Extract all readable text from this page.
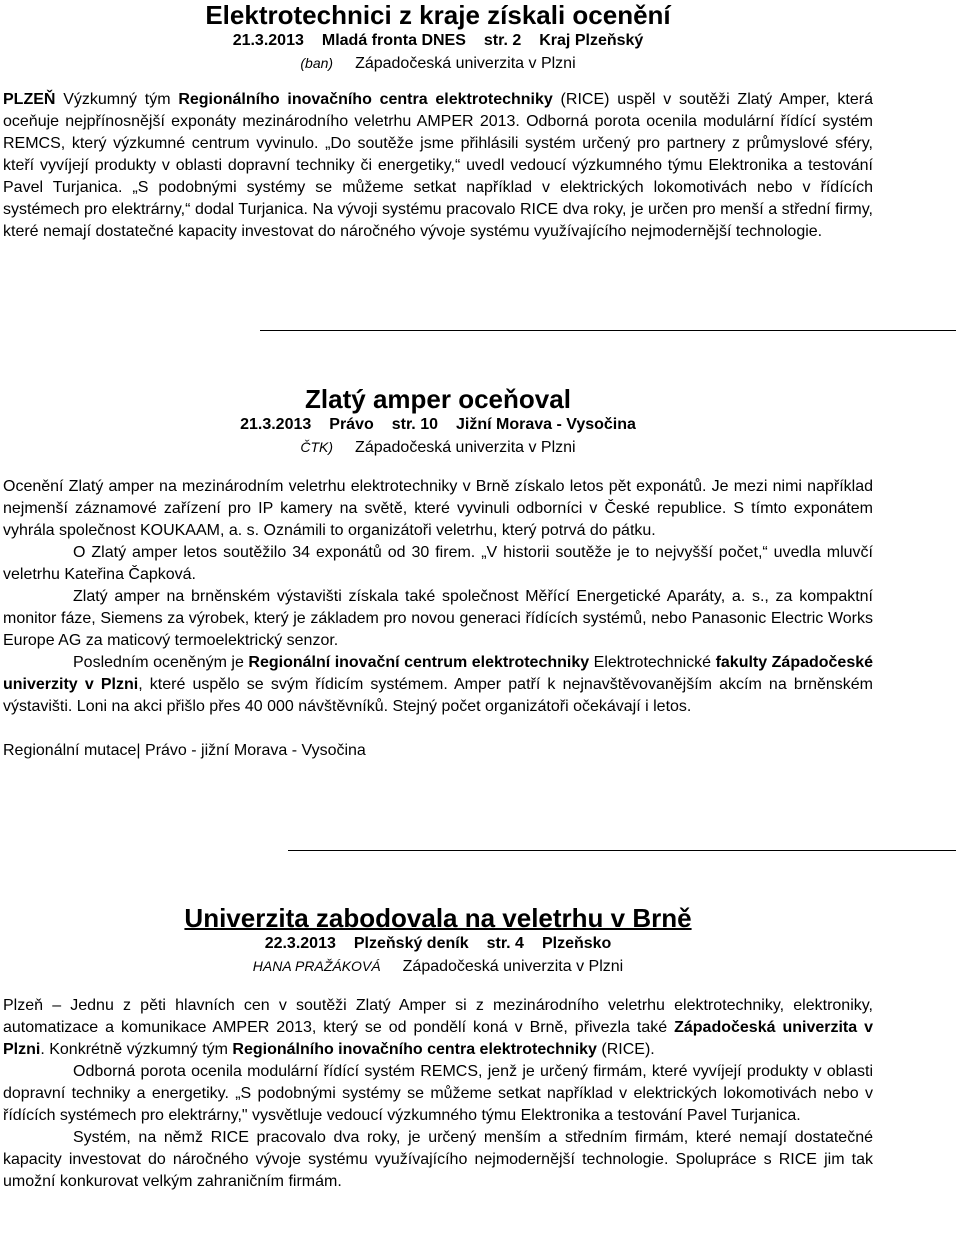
Elektrotechnici z kraje získali ocenění
21.3.2013 Mladá fronta DNES str. 2 Kraj Plzeňský
(ban) Západočeská univerzita v Plzni

PLZEŇ Výzkumný tým Regionálního inovačního centra elektrotechniky (RICE) uspěl v soutěži Zlatý Amper, která oceňuje nejpřínosnější exponáty mezinárodního veletrhu AMPER 2013. Odborná porota ocenila modulární řídící systém REMCS, který výzkumné centrum vyvinulo. „Do soutěže jsme přihlásili systém určený pro partnery z průmyslové sféry, kteří vyvíjejí produkty v oblasti dopravní techniky či energetiky,“ uvedl vedoucí výzkumného týmu Elektronika a testování Pavel Turjanica. „S podobnými systémy se můžeme setkat například v elektrických lokomotivách nebo v řídících systémech pro elektrárny,“ dodal Turjanica. Na vývoji systému pracovalo RICE dva roky, je určen pro menší a střední firmy, které nemají dostatečné kapacity investovat do náročného vývoje systému využívajícího nejmodernější technologie.

Zlatý amper oceňoval
21.3.2013 Právo str. 10 Jižní Morava - Vysočina
ČTK) Západočeská univerzita v Plzni

Ocenění Zlatý amper na mezinárodním veletrhu elektrotechniky v Brně získalo letos pět exponátů. Je mezi nimi například nejmenší záznamové zařízení pro IP kamery na světě, které vyvinuli odborníci v České republice. S tímto exponátem vyhrála společnost KOUKAAM, a. s. Oznámili to organizátoři veletrhu, který potrvá do pátku.

O Zlatý amper letos soutěžilo 34 exponátů od 30 firem. „V historii soutěže je to nejvyšší počet,“ uvedla mluvčí veletrhu Kateřina Čapková.

Zlatý amper na brněnském výstavišti získala také společnost Měřící Energetické Aparáty, a. s., za kompaktní monitor fáze, Siemens za výrobek, který je základem pro novou generaci řídících systémů, nebo Panasonic Electric Works Europe AG za maticový termoelektrický senzor.

Posledním oceněným je Regionální inovační centrum elektrotechniky Elektrotechnické fakulty Západočeské univerzity v Plzni, které uspělo se svým řídicím systémem. Amper patří k nejnavštěvovanějším akcím na brněnském výstavišti. Loni na akci přišlo přes 40 000 návštěvníků. Stejný počet organizátoři očekávají i letos.

Regionální mutace| Právo - jižní Morava - Vysočina

Univerzita zabodovala na veletrhu v Brně
22.3.2013 Plzeňský deník str. 4 Plzeňsko
HANA PRAŽÁKOVÁ Západočeská univerzita v Plzni

Plzeň – Jednu z pěti hlavních cen v soutěži Zlatý Amper si z mezinárodního veletrhu elektrotechniky, elektroniky, automatizace a komunikace AMPER 2013, který se od pondělí koná v Brně, přivezla také Západočeská univerzita v Plzni. Konkrétně výzkumný tým Regionálního inovačního centra elektrotechniky (RICE).

Odborná porota ocenila modulární řídící systém REMCS, jenž je určený firmám, které vyvíjejí produkty v oblasti dopravní techniky a energetiky. „S podobnými systémy se můžeme setkat například v elektrických lokomotivách nebo v řídících systémech pro elektrárny," vysvětluje vedoucí výzkumného týmu Elektronika a testování Pavel Turjanica.

Systém, na němž RICE pracovalo dva roky, je určený menším a středním firmám, které nemají dostatečné kapacity investovat do náročného vývoje systému využívajícího nejmodernější technologie. Spolupráce s RICE jim tak umožní konkurovat velkým zahraničním firmám.
